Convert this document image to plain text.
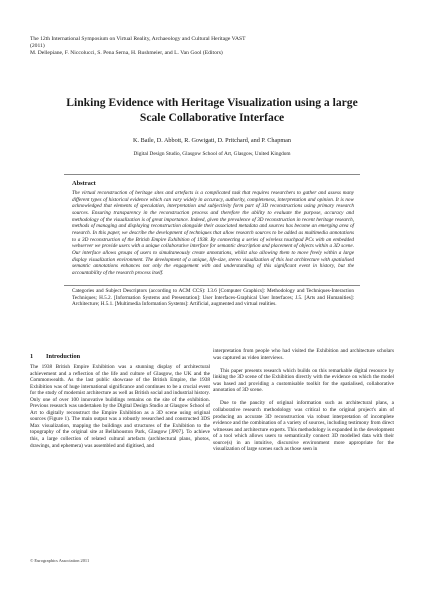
The 12th International Symposium on Virtual Reality, Archaeology and Cultural Heritage VAST
(2011)
M. Dellepiane, F. Niccolucci, S. Pena Serna, H. Rushmeier, and L. Van Gool (Editors)
Linking Evidence with Heritage Visualization using a large
Scale Collaborative Interface
K. Baile, D. Abbott, R. Gowigati, D. Pritchard, and P. Chapman
Digital Design Studio, Glasgow School of Art, Glasgow, United Kingdom
Abstract
The virtual reconstruction of heritage sites and artefacts is a complicated task that requires researchers to gather and assess many different types of historical evidence which can vary widely in accuracy, authority, completeness, interpretation and opinion. It is now acknowledged that elements of speculation, interpretation and subjectivity form part of 3D reconstructions using primary research sources. Ensuring transparency in the reconstruction process and therefore the ability to evaluate the purpose, accuracy and methodology of the visualization is of great importance. Indeed, given the prevalence of 3D reconstruction in recent heritage research, methods of managing and displaying reconstruction alongside their associated metadata and sources has become an emerging area of research. In this paper, we describe the development of techniques that allow research sources to be added as multimedia annotations to a 3D reconstruction of the British Empire Exhibition of 1938. By connecting a series of wireless touchpad PCs with an embedded webserver we provide users with a unique collaborative interface for semantic description and placement of objects within a 3D scene. Our interface allows groups of users to simultaneously create annotations, whilst also allowing them to move freely within a large display visualization environment. The development of a unique, life-size, stereo visualization of this lost architecture with spatialised semantic annotations enhances not only the engagement with and understanding of this significant event in history, but the accountability of the research process itself.
Categories and Subject Descriptors (according to ACM CCS): I.3.6 [Computer Graphics]: Methodology and Techniques-Interaction Techniques; H.5.2. [Information Systems and Presentation]: User Interfaces-Graphical User Interfaces; J.5. [Arts and Humanities]: Architecture; H.5.1. [Multimedia Information Systems]: Artificial, augmented and virtual realities.
1 Introduction

The 1938 British Empire Exhibition was a stunning display of architectural achievement and a reflection of the life and culture of Glasgow, the UK and the Commonwealth. As the last public showcase of the British Empire, the 1938 Exhibition was of huge international significance and continues to be a crucial event for the study of modernist architecture as well as British social and industrial history. Only one of over 100 innovative buildings remains on the site of the exhibition. Previous research was undertaken by the Digital Design Studio at Glasgow School of Art to digitally reconstruct the Empire Exhibition as a 3D scene using original sources (Figure 1). The main output was a robustly researched and constructed 3DS Max visualization, mapping the buildings and structures of the Exhibition to the topography of the original site at Bellahouston Park, Glasgow [JP07]. To achieve this, a large collection of related cultural artefacts (architectural plans, photos, drawings, and ephemera) was assembled and digitised, and

interpretation from people who had visited the Exhibition and architecture scholars was captured as video interviews.

This paper presents research which builds on this remarkable digital resource by linking the 3D scene of the Exhibition directly with the evidence on which the model was based and providing a customisable toolkit for the spatialised, collaborative annotation of 3D scene.

Due to the paucity of original information such as architectural plans, a collaborative research methodology was critical to the original project's aim of producing an accurate 3D reconstruction via robust interpretation of incomplete evidence and the combination of a variety of sources, including testimony from direct witnesses and architecture experts. This methodology is expanded in the development of a tool which allows users to semantically connect 3D modelled data with their source(s) in an intuitive, discursive environment more appropriate for the visualization of large scenes such as those seen in

© Eurographics Association 2011
